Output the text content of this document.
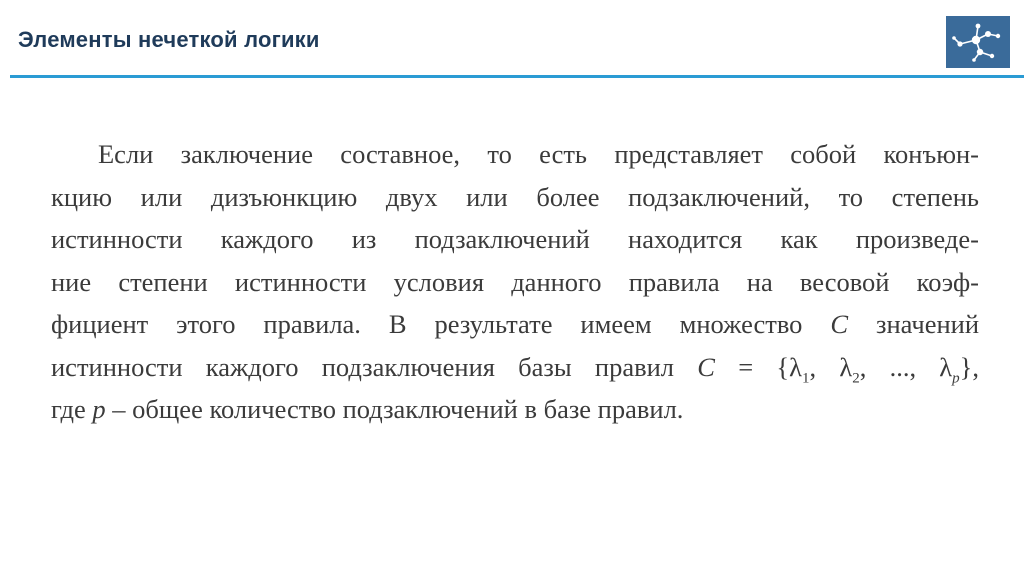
Элементы нечеткой логики
Если заключение составное, то есть представляет собой конъюн-
кцию или дизъюнкцию двух или более подзаключений, то степень
истинности каждого из подзаключений находится как произведе-
ние степени истинности условия данного правила на весовой коэф-
фициент этого правила. В результате имеем множество C значений
истинности каждого подзаключения базы правил $C = \{\lambda_1$, $\lambda_2$, ..., $\lambda_p$},
где p – общее количество подзаключений в базе правил.
